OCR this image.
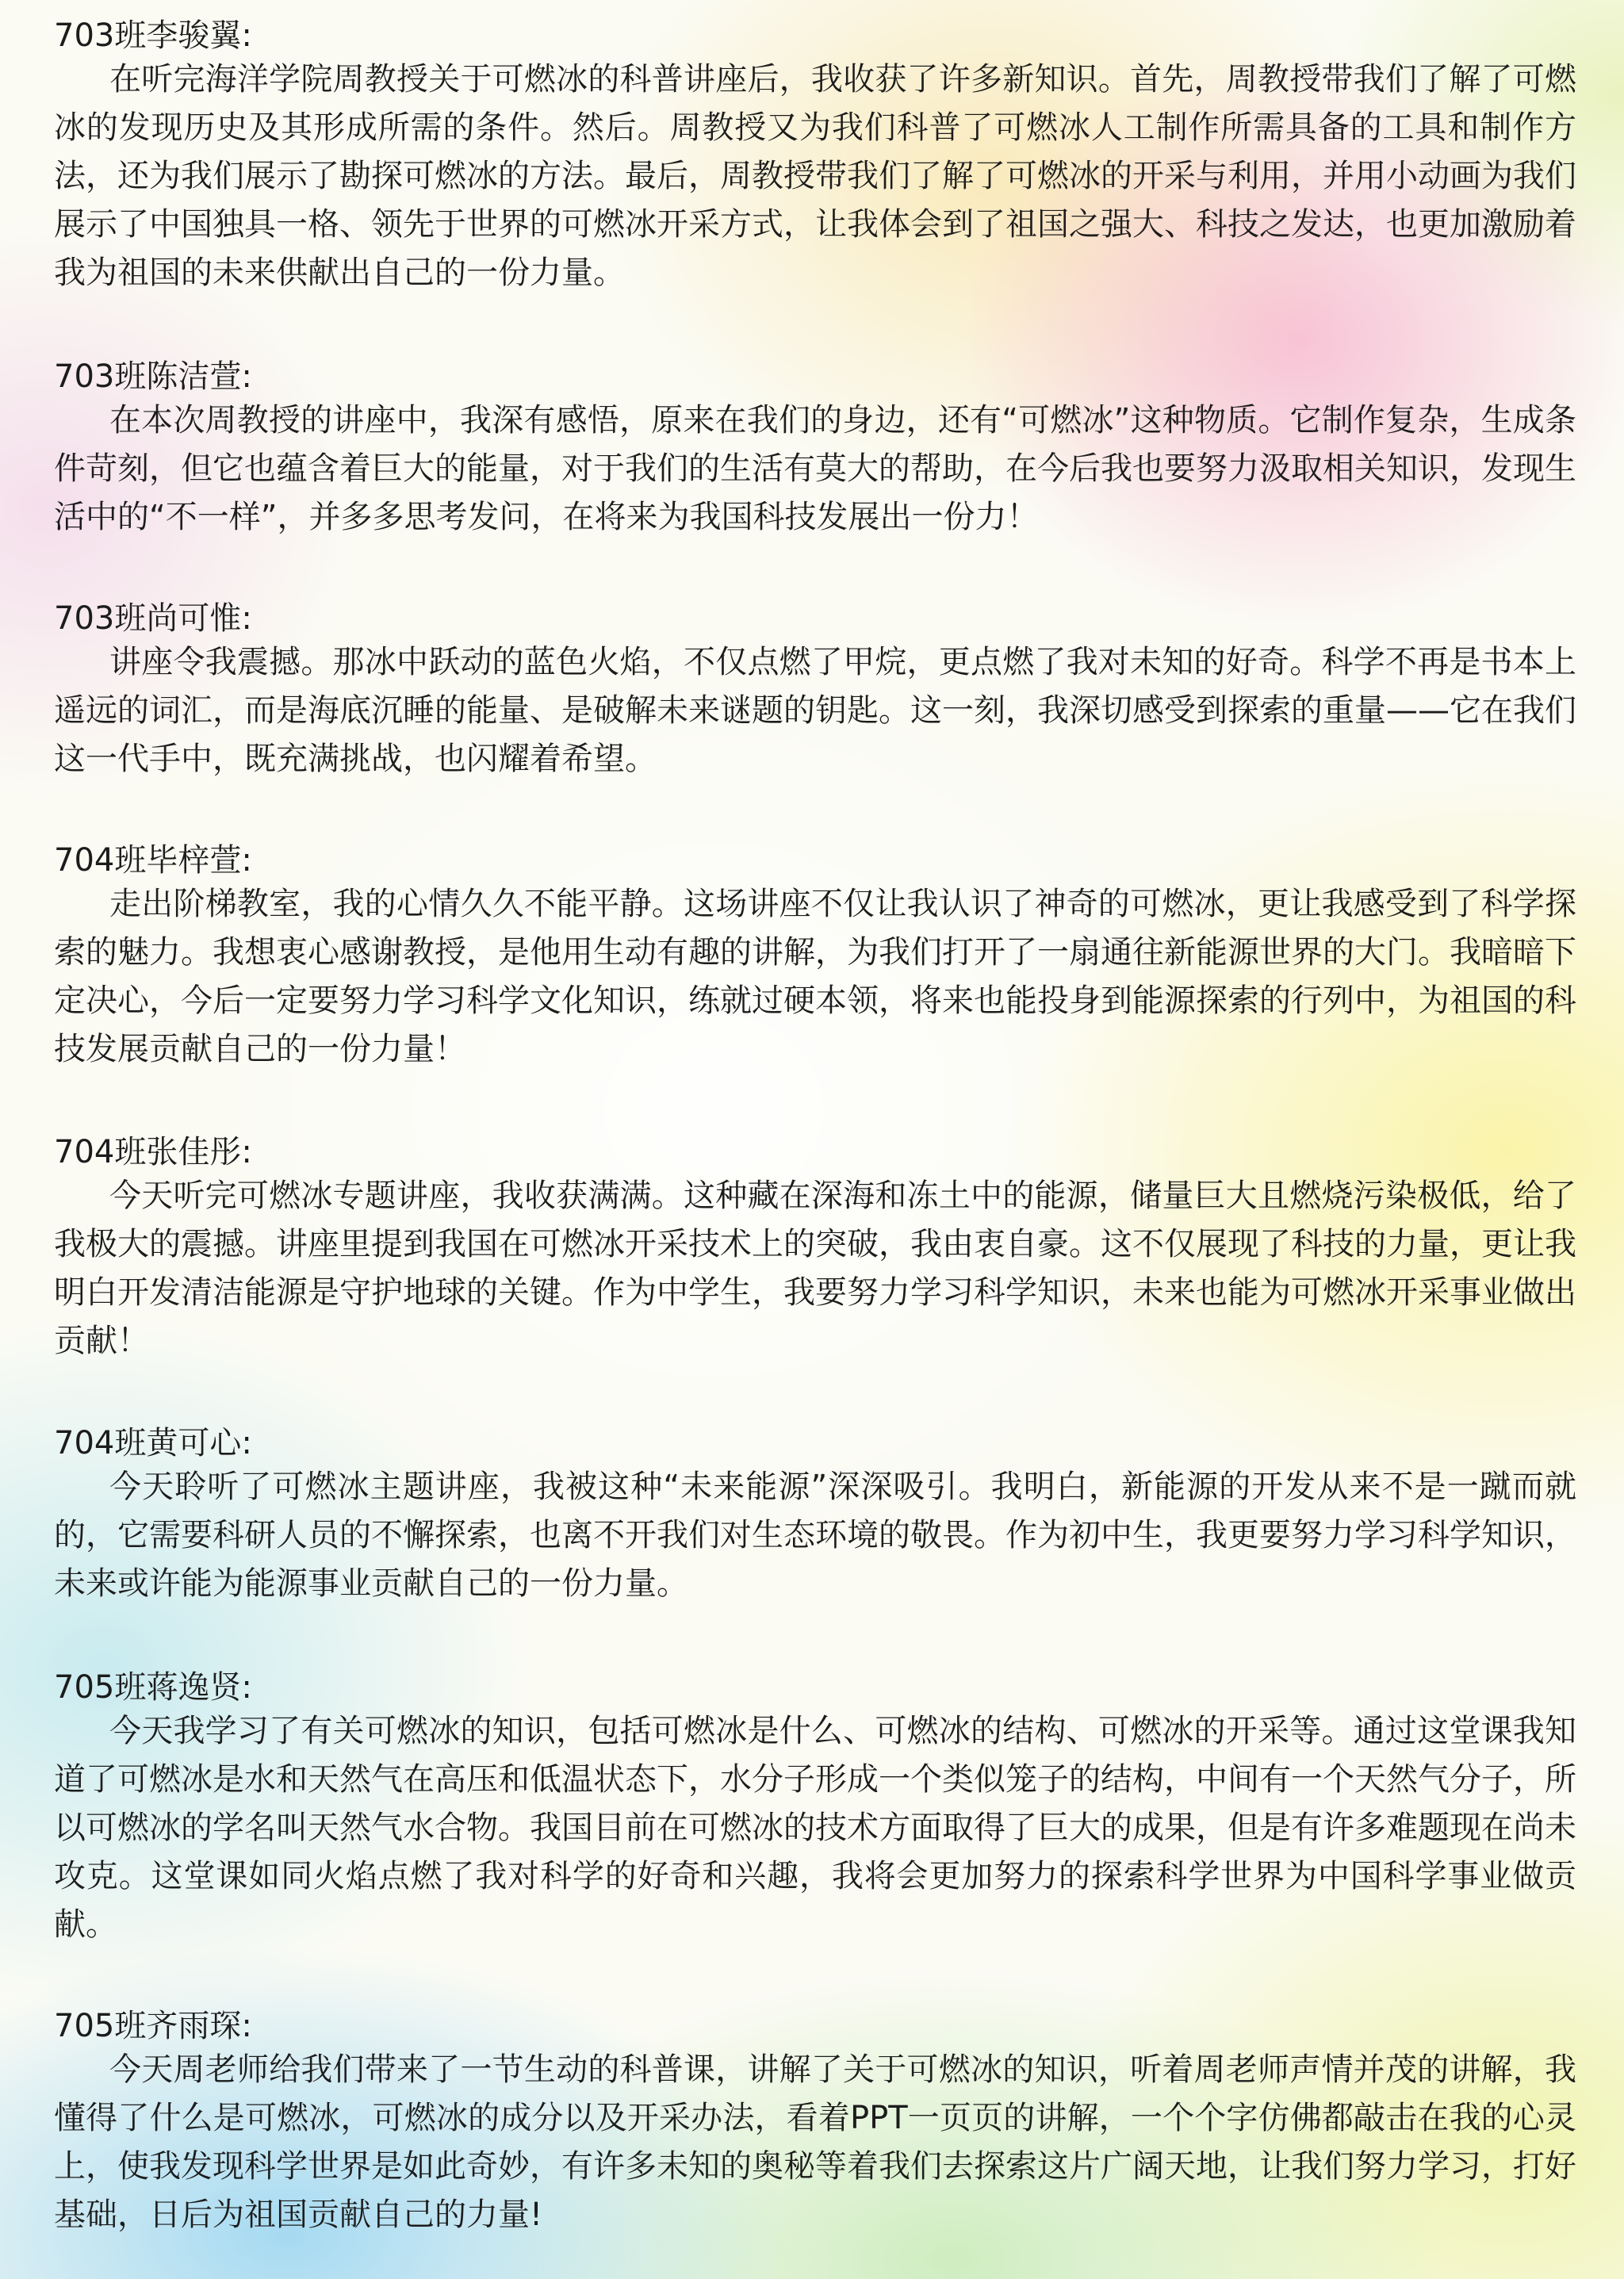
703班李骏翼:

在听完海洋学院周教授关于可燃冰的科普讲座后，我收获了许多新知识。首先，周教授带我们了解了可燃冰的发现历史及其形成所需的条件。然后。周教授又为我们科普了可燃冰人工制作所需具备的工具和制作方法，还为我们展示了勘探可燃冰的方法。最后，周教授带我们了解了可燃冰的开采与利用，并用小动画为我们展示了中国独具一格、领先于世界的可燃冰开采方式，让我体会到了祖国之强大、科技之发达，也更加激励着我为祖国的未来供献出自己的一份力量。

703班陈洁萱:

在本次周教授的讲座中，我深有感悟，原来在我们的身边，还有“可燃冰”这种物质。它制作复杂，生成条件苛刻，但它也蕴含着巨大的能量，对于我们的生活有莫大的帮助，在今后我也要努力汲取相关知识，发现生活中的“不一样”，并多多思考发问，在将来为我国科技发展出一份力！

703班尚可惟:

讲座令我震撼。那冰中跃动的蓝色火焰，不仅点燃了甲烷，更点燃了我对未知的好奇。科学不再是书本上遥远的词汇，而是海底沉睡的能量、是破解未来谜题的钥匙。这一刻，我深切感受到探索的重量——它在我们这一代手中，既充满挑战，也闪耀着希望。

704班毕梓萱:

走出阶梯教室，我的心情久久不能平静。这场讲座不仅让我认识了神奇的可燃冰，更让我感受到了科学探索的魅力。我想衷心感谢教授，是他用生动有趣的讲解，为我们打开了一扇通往新能源世界的大门。我暗暗下定决心，今后一定要努力学习科学文化知识，练就过硬本领，将来也能投身到能源探索的行列中，为祖国的科技发展贡献自己的一份力量！

704班张佳彤:

今天听完可燃冰专题讲座，我收获满满。这种藏在深海和冻土中的能源，储量巨大且燃烧污染极低，给了我极大的震撼。讲座里提到我国在可燃冰开采技术上的突破，我由衷自豪。这不仅展现了科技的力量，更让我明白开发清洁能源是守护地球的关键。作为中学生，我要努力学习科学知识，未来也能为可燃冰开采事业做出贡献！

704班黄可心:

今天聆听了可燃冰主题讲座，我被这种“未来能源”深深吸引。我明白，新能源的开发从来不是一蹴而就的，它需要科研人员的不懈探索，也离不开我们对生态环境的敬畏。作为初中生，我更要努力学习科学知识，未来或许能为能源事业贡献自己的一份力量。

705班蒋逸贤:

今天我学习了有关可燃冰的知识，包括可燃冰是什么、可燃冰的结构、可燃冰的开采等。通过这堂课我知道了可燃冰是水和天然气在高压和低温状态下，水分子形成一个类似笼子的结构，中间有一个天然气分子，所以可燃冰的学名叫天然气水合物。我国目前在可燃冰的技术方面取得了巨大的成果，但是有许多难题现在尚未攻克。这堂课如同火焰点燃了我对科学的好奇和兴趣，我将会更加努力的探索科学世界为中国科学事业做贡献。

705班齐雨琛:

今天周老师给我们带来了一节生动的科普课，讲解了关于可燃冰的知识，听着周老师声情并茂的讲解，我懂得了什么是可燃冰，可燃冰的成分以及开采办法，看着PPT一页页的讲解，一个个字仿佛都敲击在我的心灵上，使我发现科学世界是如此奇妙，有许多未知的奥秘等着我们去探索这片广阔天地，让我们努力学习，打好基础，日后为祖国贡献自己的力量!
